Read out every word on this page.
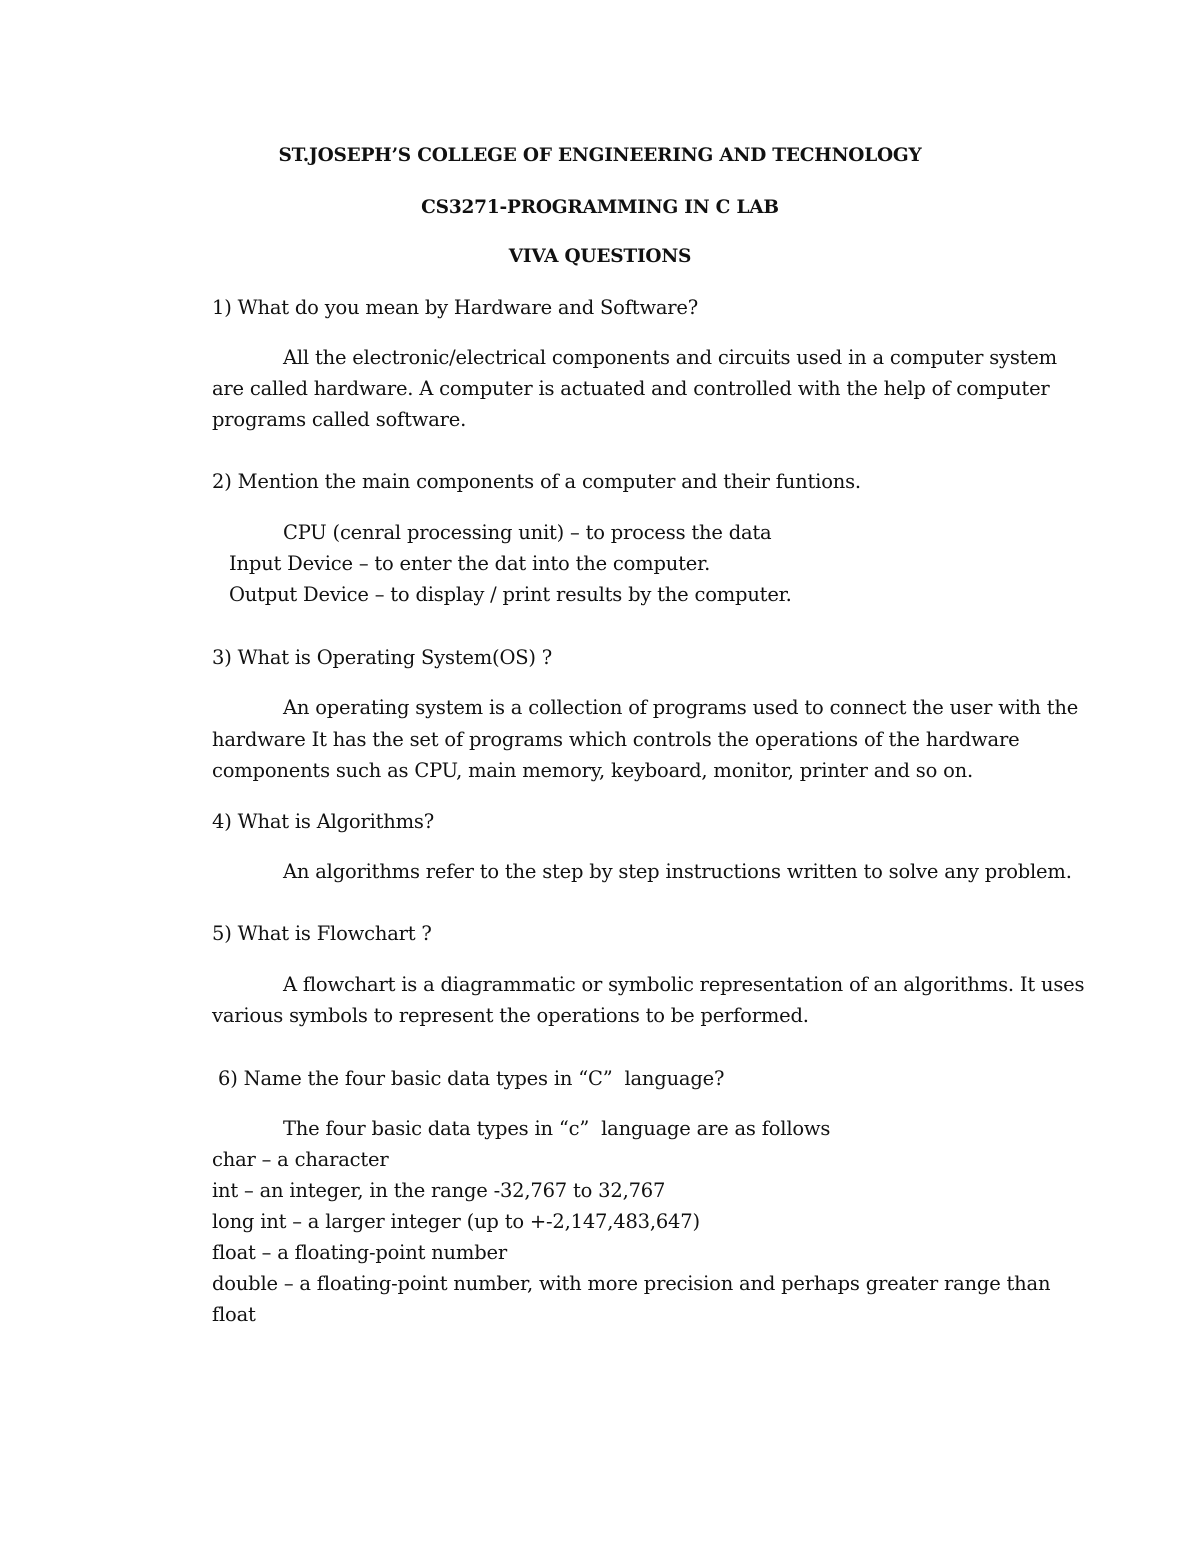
ST.JOSEPH’S COLLEGE OF ENGINEERING AND TECHNOLOGY
CS3271-PROGRAMMING IN C LAB
VIVA QUESTIONS
1) What do you mean by Hardware and Software?
All the electronic/electrical components and circuits used in a computer system
are called hardware. A computer is actuated and controlled with the help of computer
programs called software.
2) Mention the main components of a computer and their funtions.
CPU (cenral processing unit) – to process the data
Input Device – to enter the dat into the computer.
Output Device – to display / print results by the computer.
3) What is Operating System(OS) ?
An operating system is a collection of programs used to connect the user with the
hardware It has the set of programs which controls the operations of the hardware
components such as CPU, main memory, keyboard, monitor, printer and so on.
4) What is Algorithms?
An algorithms refer to the step by step instructions written to solve any problem.
5) What is Flowchart ?
A flowchart is a diagrammatic or symbolic representation of an algorithms. It uses
various symbols to represent the operations to be performed.
6) Name the four basic data types in “C”  language?
The four basic data types in “c”  language are as follows
char – a character
int – an integer, in the range -32,767 to 32,767
long int – a larger integer (up to +-2,147,483,647)
float – a floating-point number
double – a floating-point number, with more precision and perhaps greater range than
float
